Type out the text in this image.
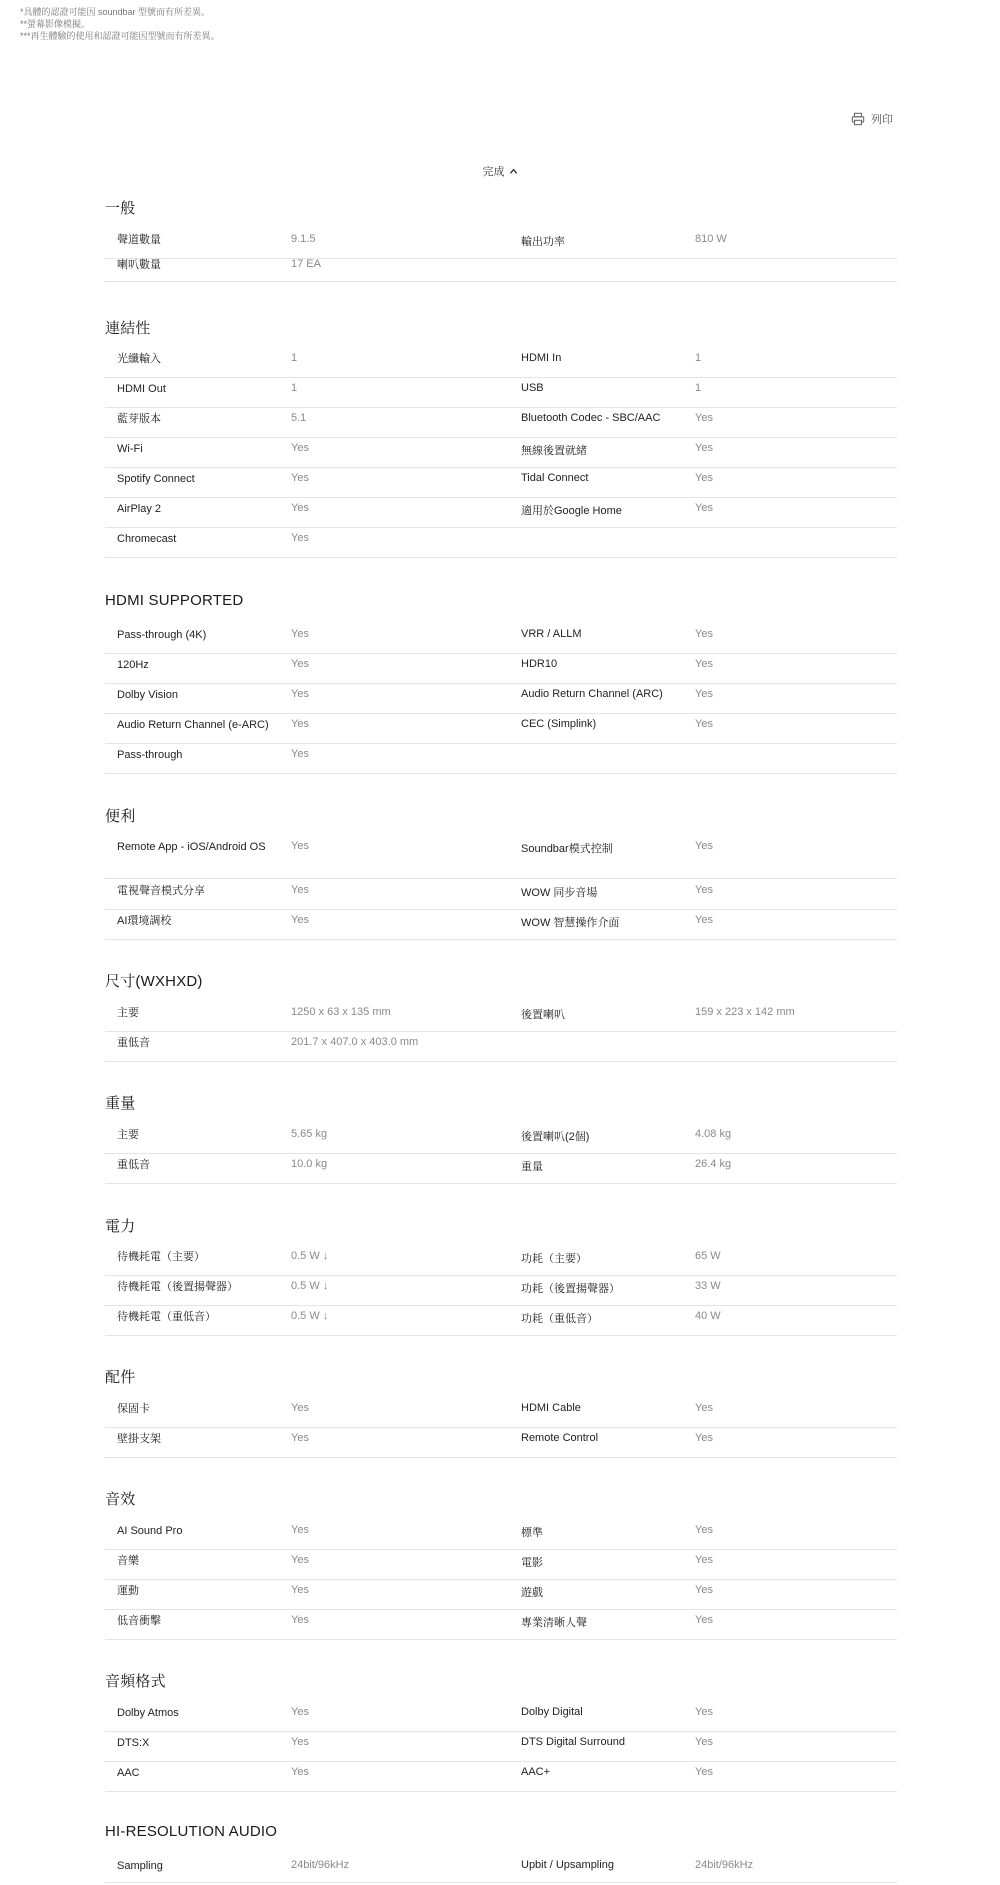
*具體的認證可能因 soundbar 型號而有所差異。
**螢幕影像模擬。
***再生體驗的使用和認證可能因型號而有所差異。
列印
完成
一般
聲道數量	9.1.5	輸出功率	810 W
喇叭數量	17 EA
連結性
光纖輸入	1	HDMI In	1
HDMI Out	1	USB	1
藍芽版本	5.1	Bluetooth Codec - SBC/AAC	Yes
Wi-Fi	Yes	無線後置就緒	Yes
Spotify Connect	Yes	Tidal Connect	Yes
AirPlay 2	Yes	適用於Google Home	Yes
Chromecast	Yes
HDMI SUPPORTED
Pass-through (4K)	Yes	VRR / ALLM	Yes
120Hz	Yes	HDR10	Yes
Dolby Vision	Yes	Audio Return Channel (ARC)	Yes
Audio Return Channel (e-ARC)	Yes	CEC (Simplink)	Yes
Pass-through	Yes
便利
Remote App - iOS/Android OS	Yes	Soundbar模式控制	Yes
電視聲音模式分享	Yes	WOW 同步音場	Yes
AI環境調校	Yes	WOW 智慧操作介面	Yes
尺寸(WXHXD)
主要	1250 x 63 x 135 mm	後置喇叭	159 x 223 x 142 mm
重低音	201.7 x 407.0 x 403.0 mm
重量
主要	5.65 kg	後置喇叭(2個)	4.08 kg
重低音	10.0 kg	重量	26.4 kg
電力
待機耗電（主要）	0.5 W ↓	功耗（主要）	65 W
待機耗電（後置揚聲器）	0.5 W ↓	功耗（後置揚聲器）	33 W
待機耗電（重低音）	0.5 W ↓	功耗（重低音）	40 W
配件
保固卡	Yes	HDMI Cable	Yes
壁掛支架	Yes	Remote Control	Yes
音效
AI Sound Pro	Yes	標準	Yes
音樂	Yes	電影	Yes
運動	Yes	遊戲	Yes
低音衝擊	Yes	專業清晰人聲	Yes
音頻格式
Dolby Atmos	Yes	Dolby Digital	Yes
DTS:X	Yes	DTS Digital Surround	Yes
AAC	Yes	AAC+	Yes
HI-RESOLUTION AUDIO
Sampling	24bit/96kHz	Upbit / Upsampling	24bit/96kHz
